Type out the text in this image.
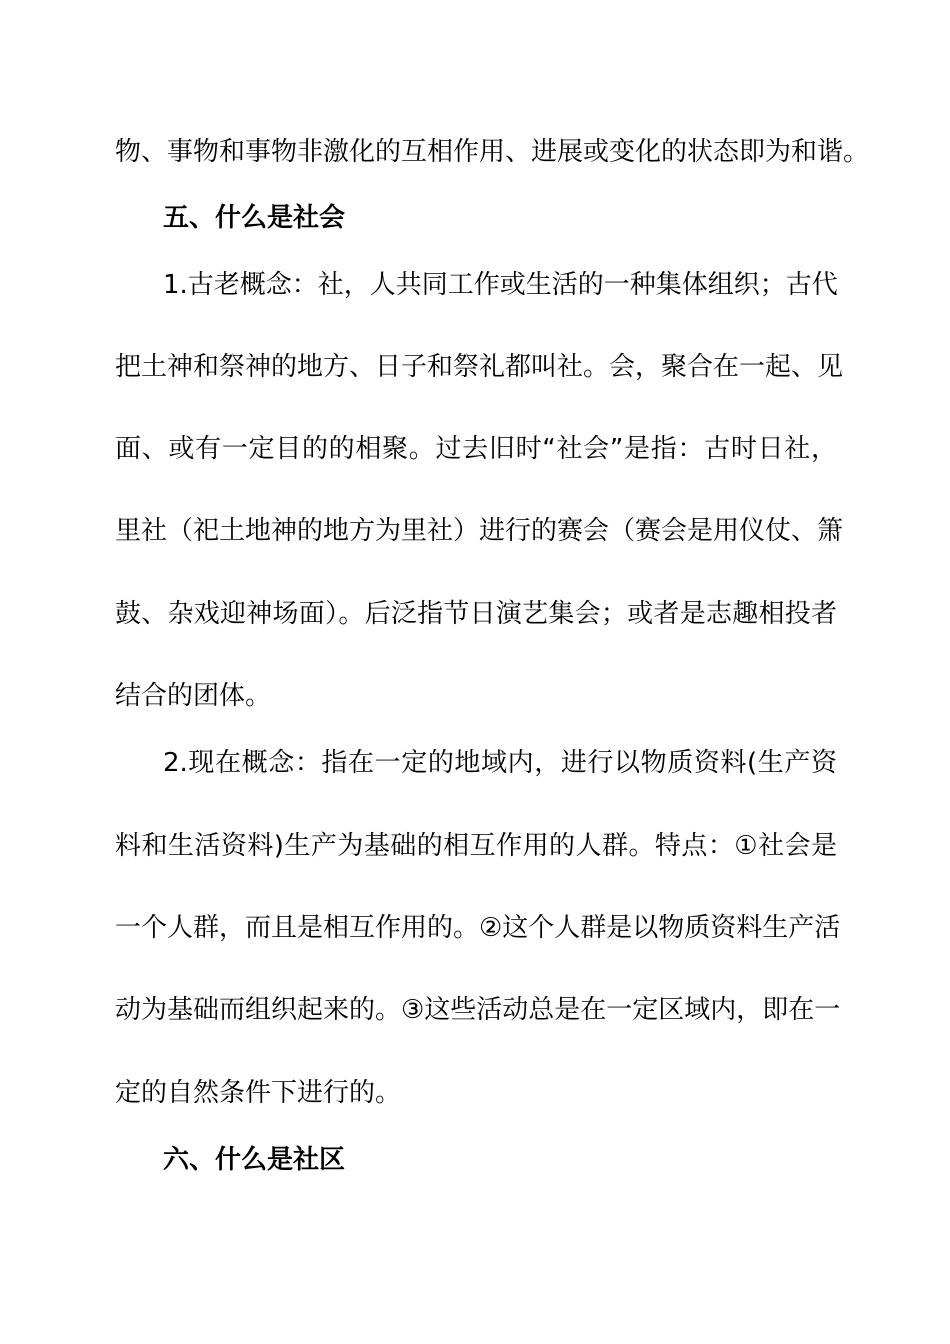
物、事物和事物非激化的互相作用、进展或变化的状态即为和谐。
五、什么是社会
1.古老概念：社，人共同工作或生活的一种集体组织；古代
把土神和祭神的地方、日子和祭礼都叫社。会，聚合在一起、见
面、或有一定目的的相聚。过去旧时“社会”是指：古时日社，
里社（祀土地神的地方为里社）进行的赛会（赛会是用仪仗、箫
鼓、杂戏迎神场面）。后泛指节日演艺集会；或者是志趣相投者
结合的团体。
2.现在概念：指在一定的地域内，进行以物质资料(生产资
料和生活资料)生产为基础的相互作用的人群。特点：①社会是
一个人群，而且是相互作用的。②这个人群是以物质资料生产活
动为基础而组织起来的。③这些活动总是在一定区域内，即在一
定的自然条件下进行的。
六、什么是社区
